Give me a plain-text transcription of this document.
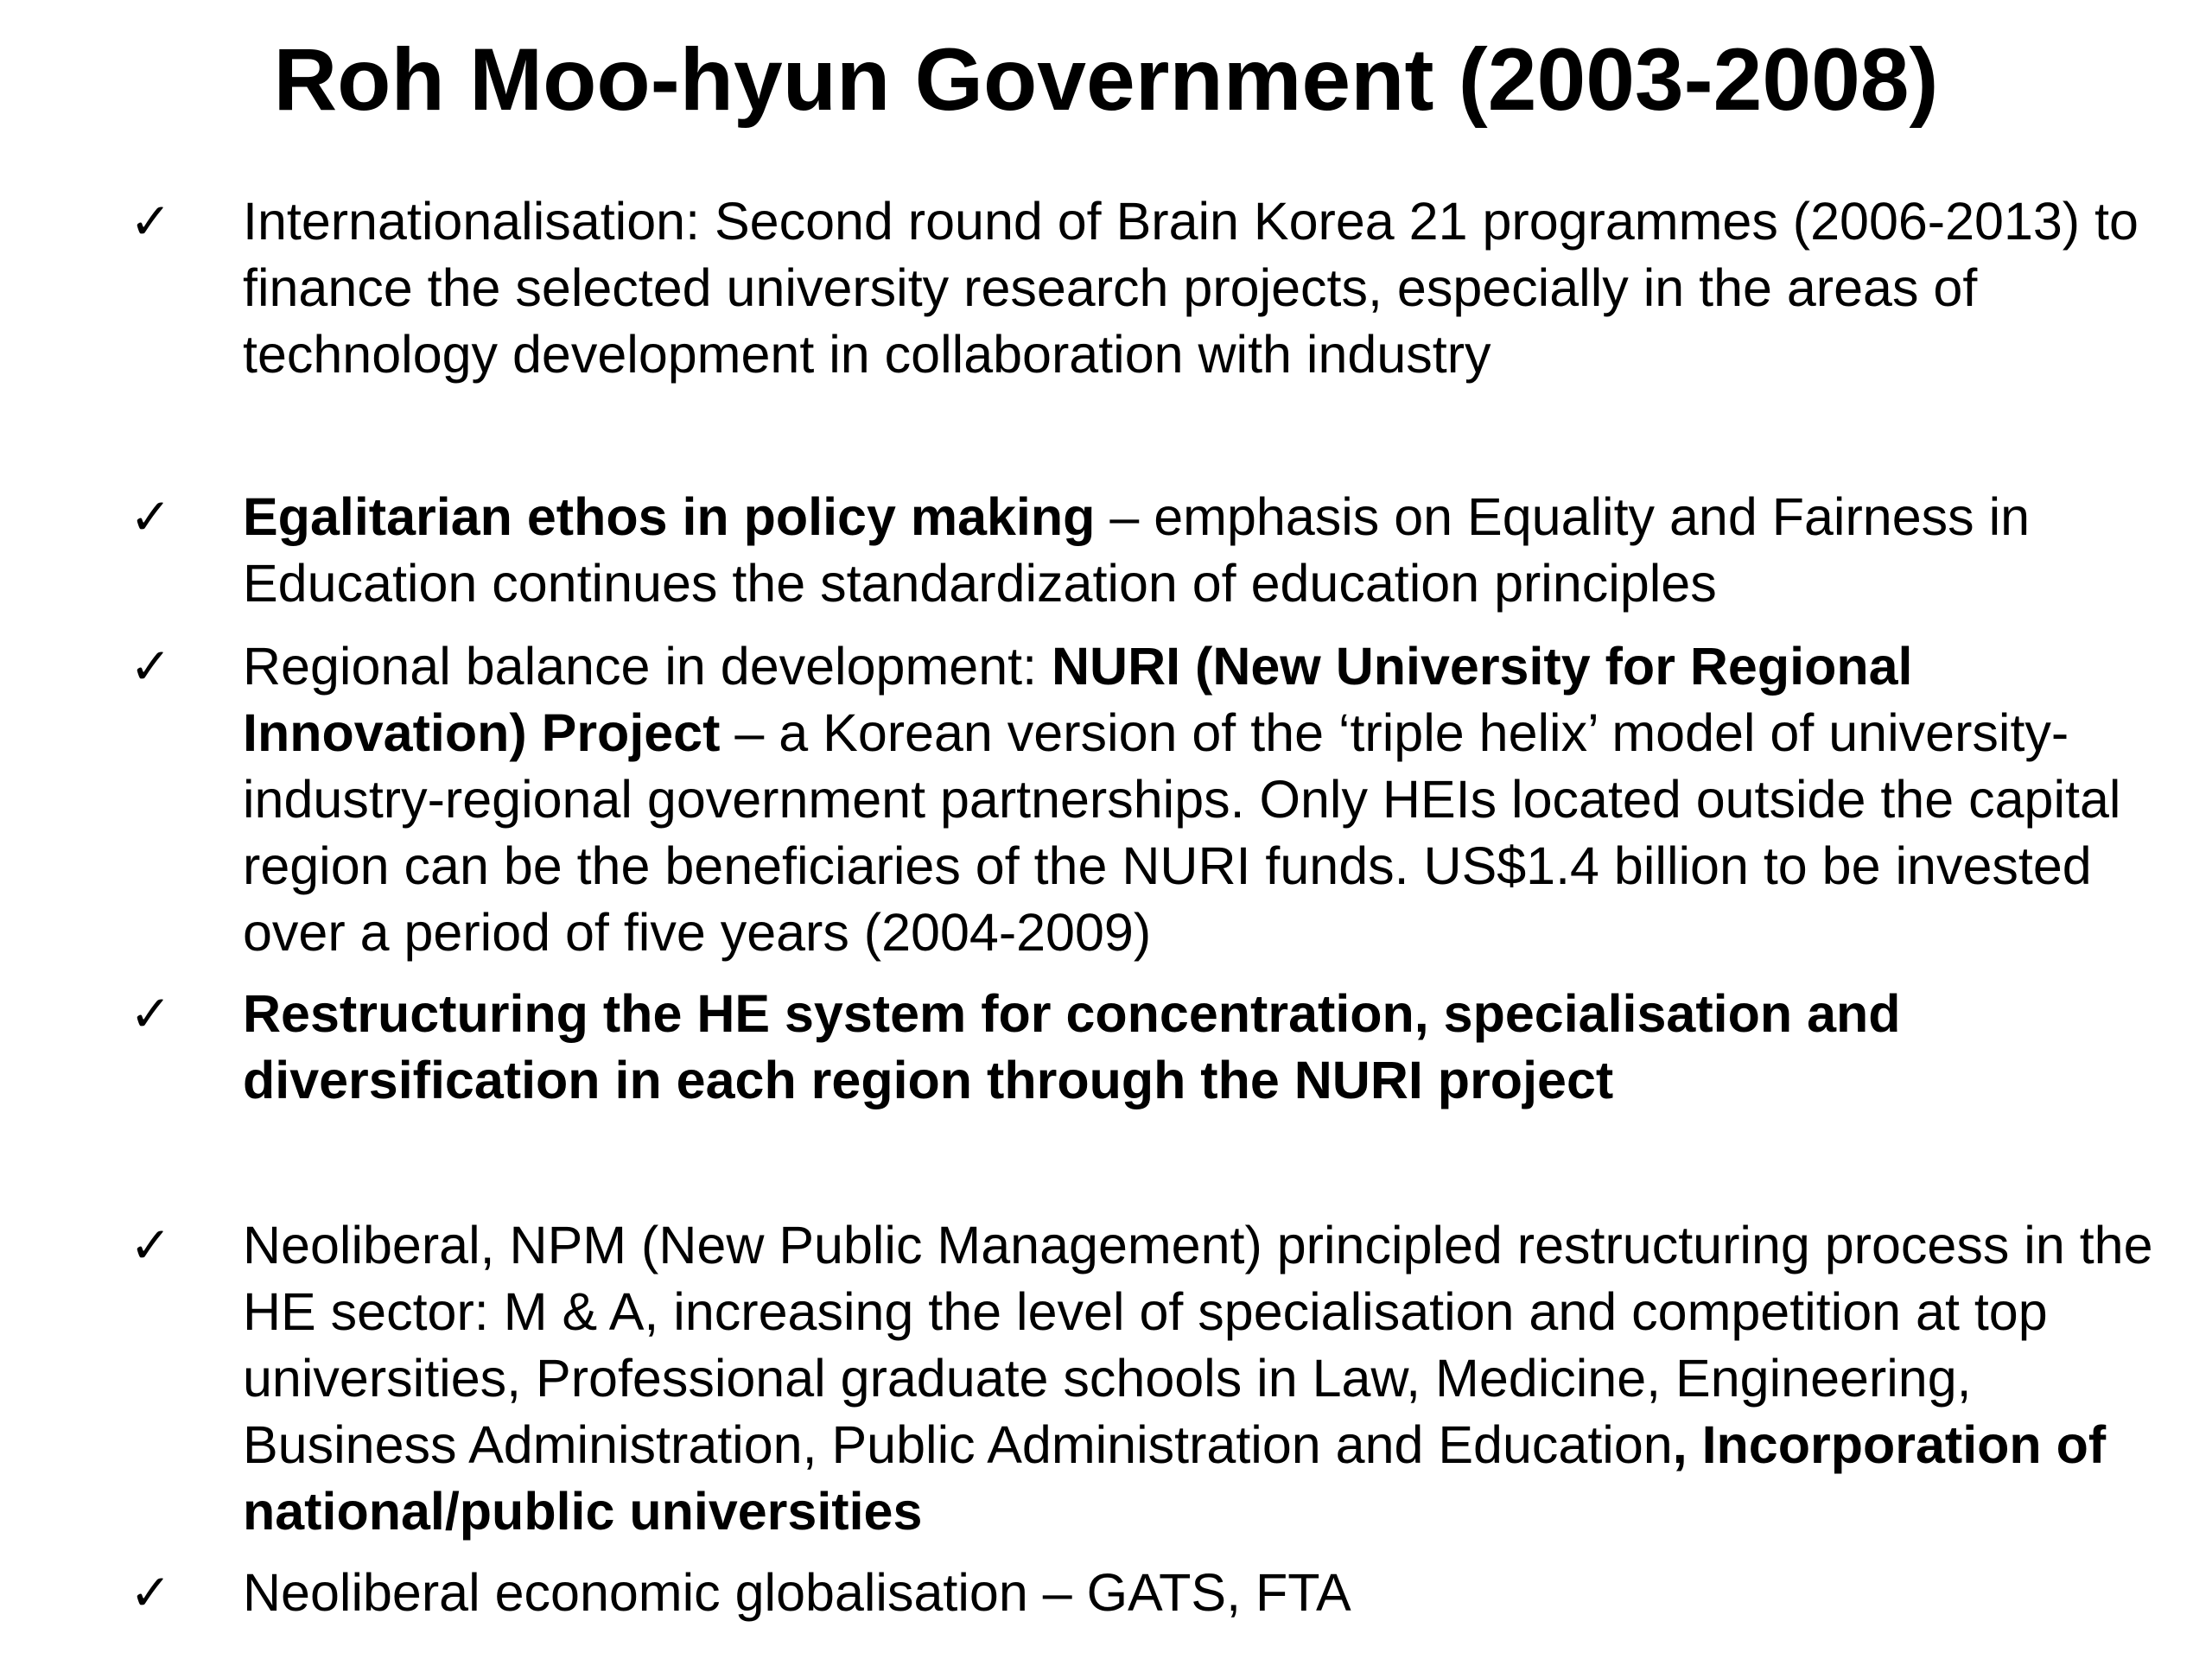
Roh Moo-hyun Government (2003-2008)
✓	Internationalisation: Second round of Brain Korea 21 programmes (2006-2013) to finance the selected university research projects, especially in the areas of technology development in collaboration with industry

✓	Egalitarian ethos in policy making – emphasis on Equality and Fairness in Education continues the standardization of education principles

✓	Regional balance in development: NURI (New University for Regional Innovation) Project – a Korean version of the ‘triple helix’ model of university-industry-regional government partnerships. Only HEIs located outside the capital region can be the beneficiaries of the NURI funds. US$1.4 billion to be invested over a period of five years (2004-2009)

✓	Restructuring the HE system for concentration, specialisation and diversification in each region through the NURI project

✓	Neoliberal, NPM (New Public Management) principled restructuring process in the HE sector: M & A, increasing the level of specialisation and competition at top universities, Professional graduate schools in Law, Medicine, Engineering, Business Administration, Public Administration and Education, Incorporation of national/public universities

✓	Neoliberal economic globalisation – GATS, FTA
